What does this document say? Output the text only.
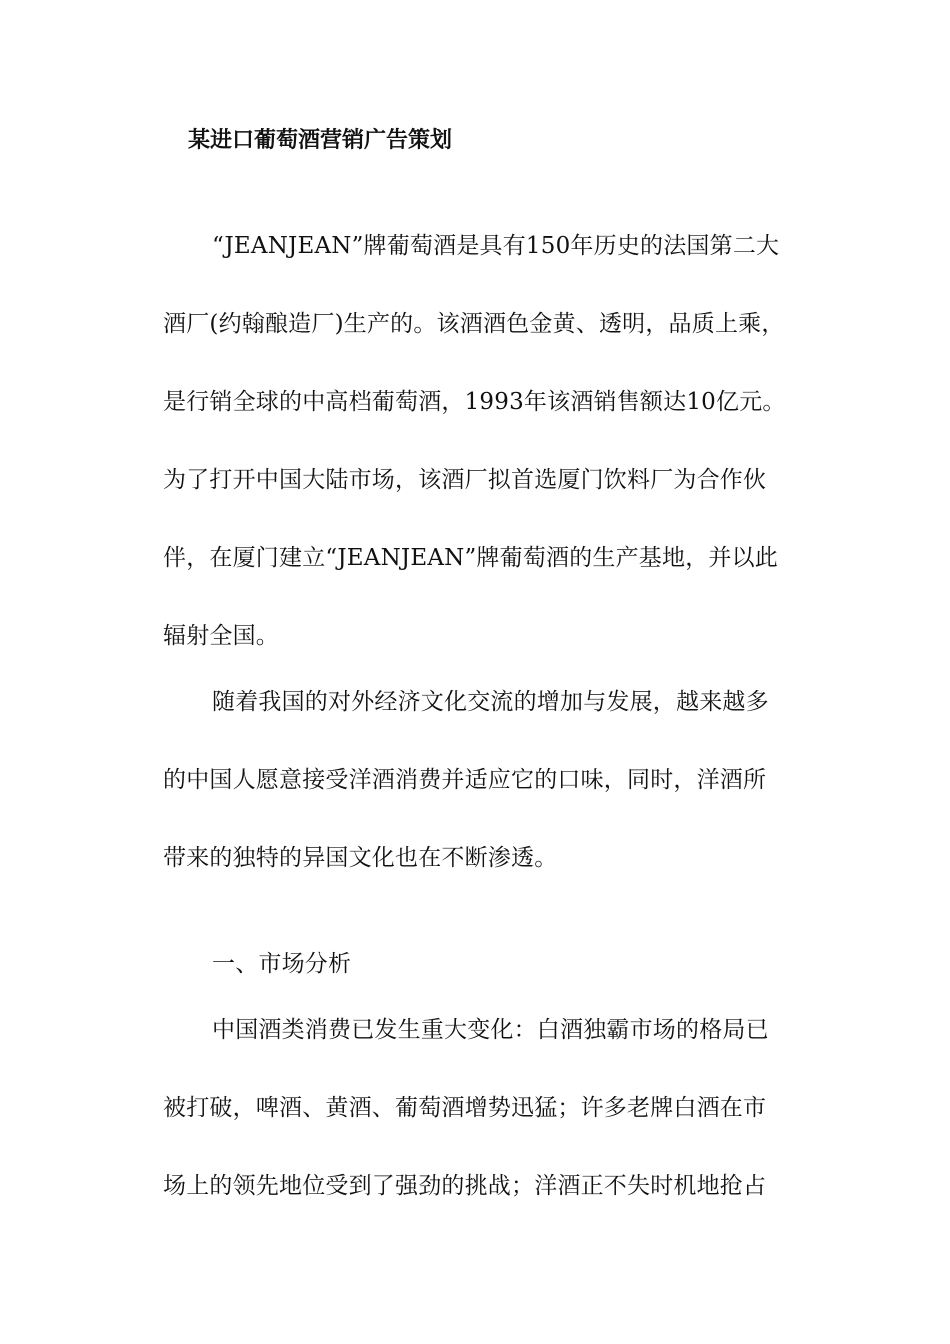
某进口葡萄酒营销广告策划
“JEANJEAN”牌葡萄酒是具有150年历史的法国第二大
酒厂(约翰酿造厂)生产的。该酒酒色金黄、透明，品质上乘，
是行销全球的中高档葡萄酒，1993年该酒销售额达10亿元。
为了打开中国大陆市场，该酒厂拟首选厦门饮料厂为合作伙
伴，在厦门建立“JEANJEAN”牌葡萄酒的生产基地，并以此
辐射全国。
随着我国的对外经济文化交流的增加与发展，越来越多
的中国人愿意接受洋酒消费并适应它的口味，同时，洋酒所
带来的独特的异国文化也在不断渗透。
一、市场分析
中国酒类消费已发生重大变化：白酒独霸市场的格局已
被打破，啤酒、黄酒、葡萄酒增势迅猛；许多老牌白酒在市
场上的领先地位受到了强劲的挑战；洋酒正不失时机地抢占
